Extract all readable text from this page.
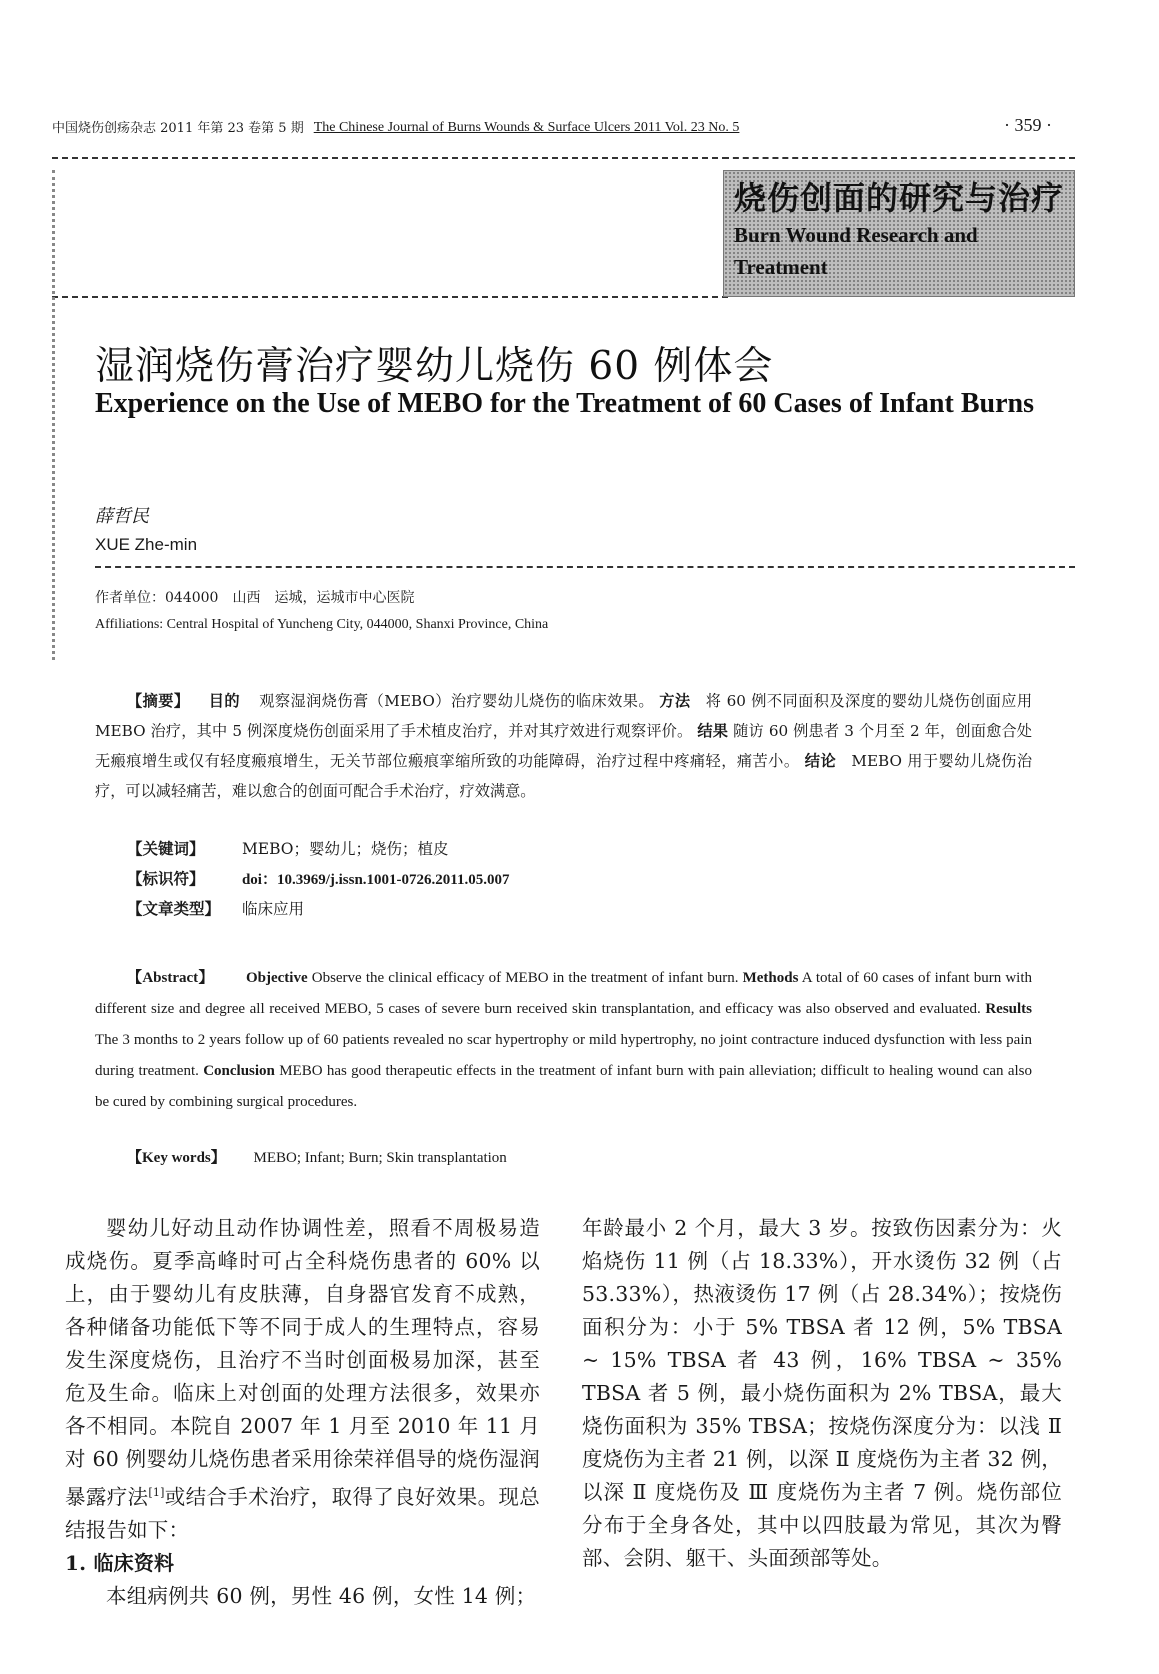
中国烧伤创疡杂志 2011 年第 23 卷第 5 期 The Chinese Journal of Burns Wounds & Surface Ulcers 2011 Vol. 23 No. 5	· 359 ·
烧伤创面的研究与治疗
Burn Wound Research and Treatment
湿润烧伤膏治疗婴幼儿烧伤 60 例体会
Experience on the Use of MEBO for the Treatment of 60 Cases of Infant Burns
薛哲民
XUE Zhe-min
作者单位：044000　山西　运城，运城市中心医院
Affiliations: Central Hospital of Yuncheng City, 044000, Shanxi Province, China
【摘要】 目的 观察湿润烧伤膏（MEBO）治疗婴幼儿烧伤的临床效果。 方法 将 60 例不同面积及深度的婴幼儿烧伤创面应用 MEBO 治疗，其中 5 例深度烧伤创面采用了手术植皮治疗，并对其疗效进行观察评价。 结果 随访 60 例患者 3 个月至 2 年，创面愈合处无瘢痕增生或仅有轻度瘢痕增生，无关节部位瘢痕挛缩所致的功能障碍，治疗过程中疼痛轻，痛苦小。 结论 MEBO 用于婴幼儿烧伤治疗，可以减轻痛苦，难以愈合的创面可配合手术治疗，疗效满意。
【关键词】 MEBO；婴幼儿；烧伤；植皮
【标识符】 doi：10.3969/j.issn.1001-0726.2011.05.007
【文章类型】 临床应用
【Abstract】 Objective Observe the clinical efficacy of MEBO in the treatment of infant burn. Methods A total of 60 cases of infant burn with different size and degree all received MEBO, 5 cases of severe burn received skin transplantation, and efficacy was also observed and evaluated. Results The 3 months to 2 years follow up of 60 patients revealed no scar hypertrophy or mild hypertrophy, no joint contracture induced dysfunction with less pain during treatment. Conclusion MEBO has good therapeutic effects in the treatment of infant burn with pain alleviation; difficult to healing wound can also be cured by combining surgical procedures.
【Key words】 MEBO; Infant; Burn; Skin transplantation

婴幼儿好动且动作协调性差，照看不周极易造成烧伤。夏季高峰时可占全科烧伤患者的 60% 以上，由于婴幼儿有皮肤薄，自身器官发育不成熟，各种储备功能低下等不同于成人的生理特点，容易发生深度烧伤，且治疗不当时创面极易加深，甚至危及生命。临床上对创面的处理方法很多，效果亦各不相同。本院自 2007 年 1 月至 2010 年 11 月对 60 例婴幼儿烧伤患者采用徐荣祥倡导的烧伤湿润暴露疗法[1]或结合手术治疗，取得了良好效果。现总结报告如下：

1. 临床资料

本组病例共 60 例，男性 46 例，女性 14 例；

年龄最小 2 个月，最大 3 岁。按致伤因素分为：火焰烧伤 11 例（占 18.33%），开水烫伤 32 例（占 53.33%），热液烫伤 17 例（占 28.34%）；按烧伤面积分为：小于 5% TBSA 者 12 例，5% TBSA ~ 15% TBSA 者 43 例，16% TBSA ~ 35% TBSA 者 5 例，最小烧伤面积为 2% TBSA，最大烧伤面积为 35% TBSA；按烧伤深度分为：以浅 Ⅱ 度烧伤为主者 21 例，以深 Ⅱ 度烧伤为主者 32 例，以深 Ⅱ 度烧伤及 Ⅲ 度烧伤为主者 7 例。烧伤部位分布于全身各处，其中以四肢最为常见，其次为臀部、会阴、躯干、头面颈部等处。
